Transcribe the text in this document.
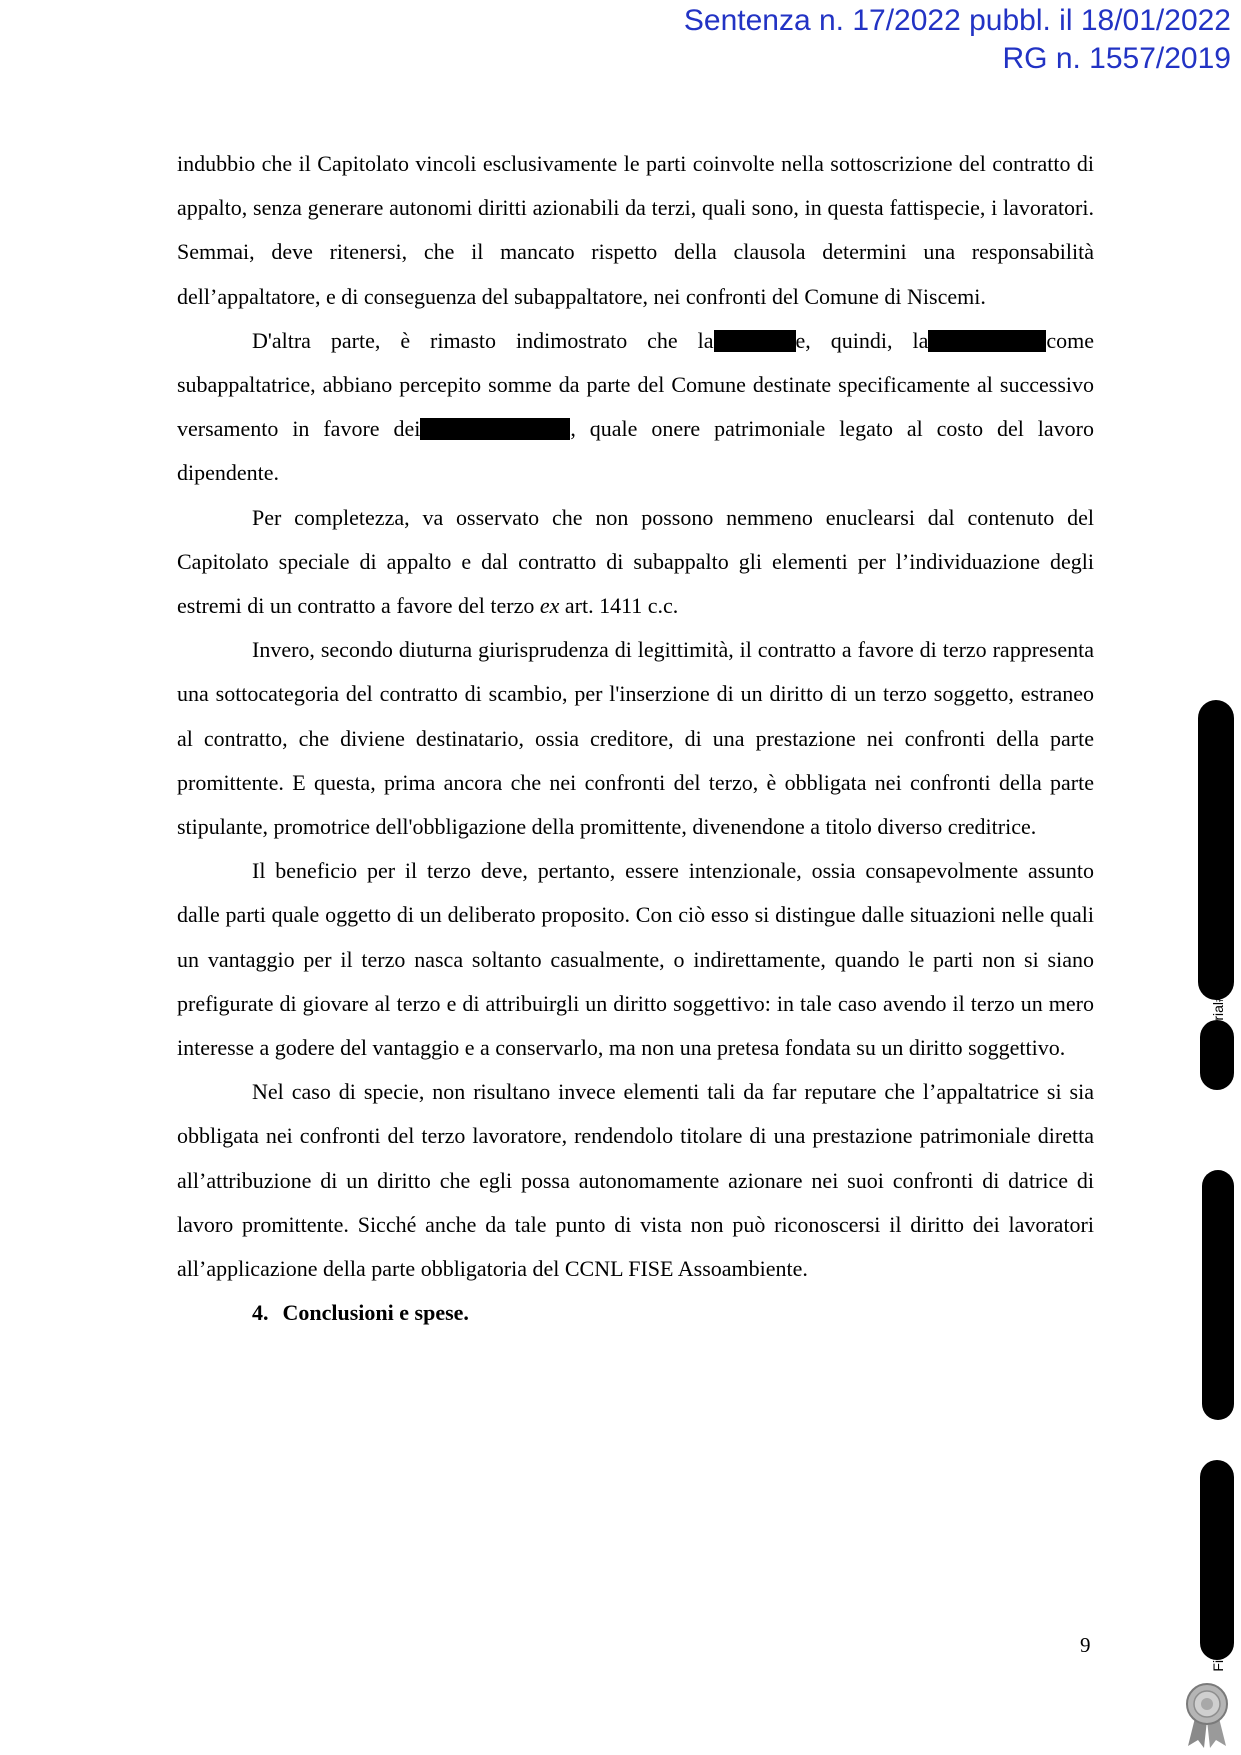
Sentenza n. 17/2022 pubbl. il 18/01/2022
RG n. 1557/2019

indubbio che il Capitolato vincoli esclusivamente le parti coinvolte nella sottoscrizione del contratto di appalto, senza generare autonomi diritti azionabili da terzi, quali sono, in questa fattispecie, i lavoratori. Semmai, deve ritenersi, che il mancato rispetto della clausola determini una responsabilità dell’appaltatore, e di conseguenza del subappaltatore, nei confronti del Comune di Niscemi.

D'altra parte, è rimasto indimostrato che la	e, quindi, la	come subappaltatrice, abbiano percepito somme da parte del Comune destinate specificamente al successivo versamento in favore dei	, quale onere patrimoniale legato al costo del lavoro dipendente.

Per completezza, va osservato che non possono nemmeno enuclearsi dal contenuto del Capitolato speciale di appalto e dal contratto di subappalto gli elementi per l’individuazione degli estremi di un contratto a favore del terzo ex art. 1411 c.c.

Invero, secondo diuturna giurisprudenza di legittimità, il contratto a favore di terzo rappresenta una sottocategoria del contratto di scambio, per l'inserzione di un diritto di un terzo soggetto, estraneo al contratto, che diviene destinatario, ossia creditore, di una prestazione nei confronti della parte promittente. E questa, prima ancora che nei confronti del terzo, è obbligata nei confronti della parte stipulante, promotrice dell'obbligazione della promittente, divenendone a titolo diverso creditrice.

Il beneficio per il terzo deve, pertanto, essere intenzionale, ossia consapevolmente assunto dalle parti quale oggetto di un deliberato proposito. Con ciò esso si distingue dalle situazioni nelle quali un vantaggio per il terzo nasca soltanto casualmente, o indirettamente, quando le parti non si siano prefigurate di giovare al terzo e di attribuirgli un diritto soggettivo: in tale caso avendo il terzo un mero interesse a godere del vantaggio e a conservarlo, ma non una pretesa fondata su un diritto soggettivo.

Nel caso di specie, non risultano invece elementi tali da far reputare che l’appaltatrice si sia obbligata nei confronti del terzo lavoratore, rendendolo titolare di una prestazione patrimoniale diretta all’attribuzione di un diritto che egli possa autonomamente azionare nei suoi confronti di datrice di lavoro promittente. Sicché anche da tale punto di vista non può riconoscersi il diritto dei lavoratori all’applicazione della parte obbligatoria del CCNL FISE Assoambiente.

4. Conclusioni e spese.

9
Serial#
Emesso Da:
Firmato Da:
